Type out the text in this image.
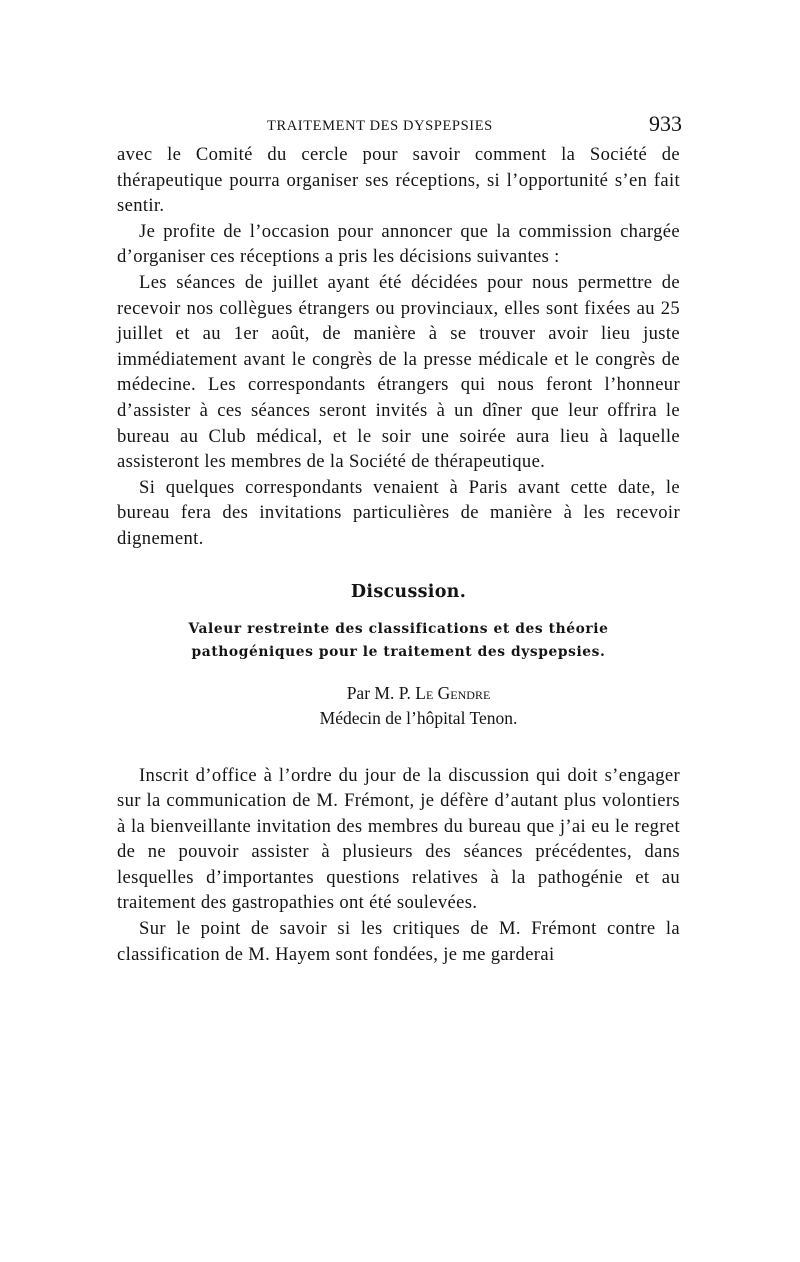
TRAITEMENT DES DYSPEPSIES	933

avec le Comité du cercle pour savoir comment la Société de thérapeutique pourra organiser ses réceptions, si l’opportunité s’en fait sentir.

Je profite de l’occasion pour annoncer que la commission chargée d’organiser ces réceptions a pris les décisions suivantes :

Les séances de juillet ayant été décidées pour nous permettre de recevoir nos collègues étrangers ou provinciaux, elles sont fixées au 25 juillet et au 1er août, de manière à se trouver avoir lieu juste immédiatement avant le congrès de la presse médicale et le congrès de médecine. Les correspondants étrangers qui nous feront l’honneur d’assister à ces séances seront invités à un dîner que leur offrira le bureau au Club médical, et le soir une soirée aura lieu à laquelle assisteront les membres de la Société de thérapeutique.

Si quelques correspondants venaient à Paris avant cette date, le bureau fera des invitations particulières de manière à les recevoir dignement.

Discussion.
Valeur restreinte des classifications et des théorie
pathogéniques pour le traitement des dyspepsies.
Par M. P. Le Gendre
Médecin de l’hôpital Tenon.

Inscrit d’office à l’ordre du jour de la discussion qui doit s’engager sur la communication de M. Frémont, je défère d’autant plus volontiers à la bienveillante invitation des membres du bureau que j’ai eu le regret de ne pouvoir assister à plusieurs des séances précédentes, dans lesquelles d’importantes questions relatives à la pathogénie et au traitement des gastropathies ont été soulevées.

Sur le point de savoir si les critiques de M. Frémont contre la classification de M. Hayem sont fondées, je me garderai
